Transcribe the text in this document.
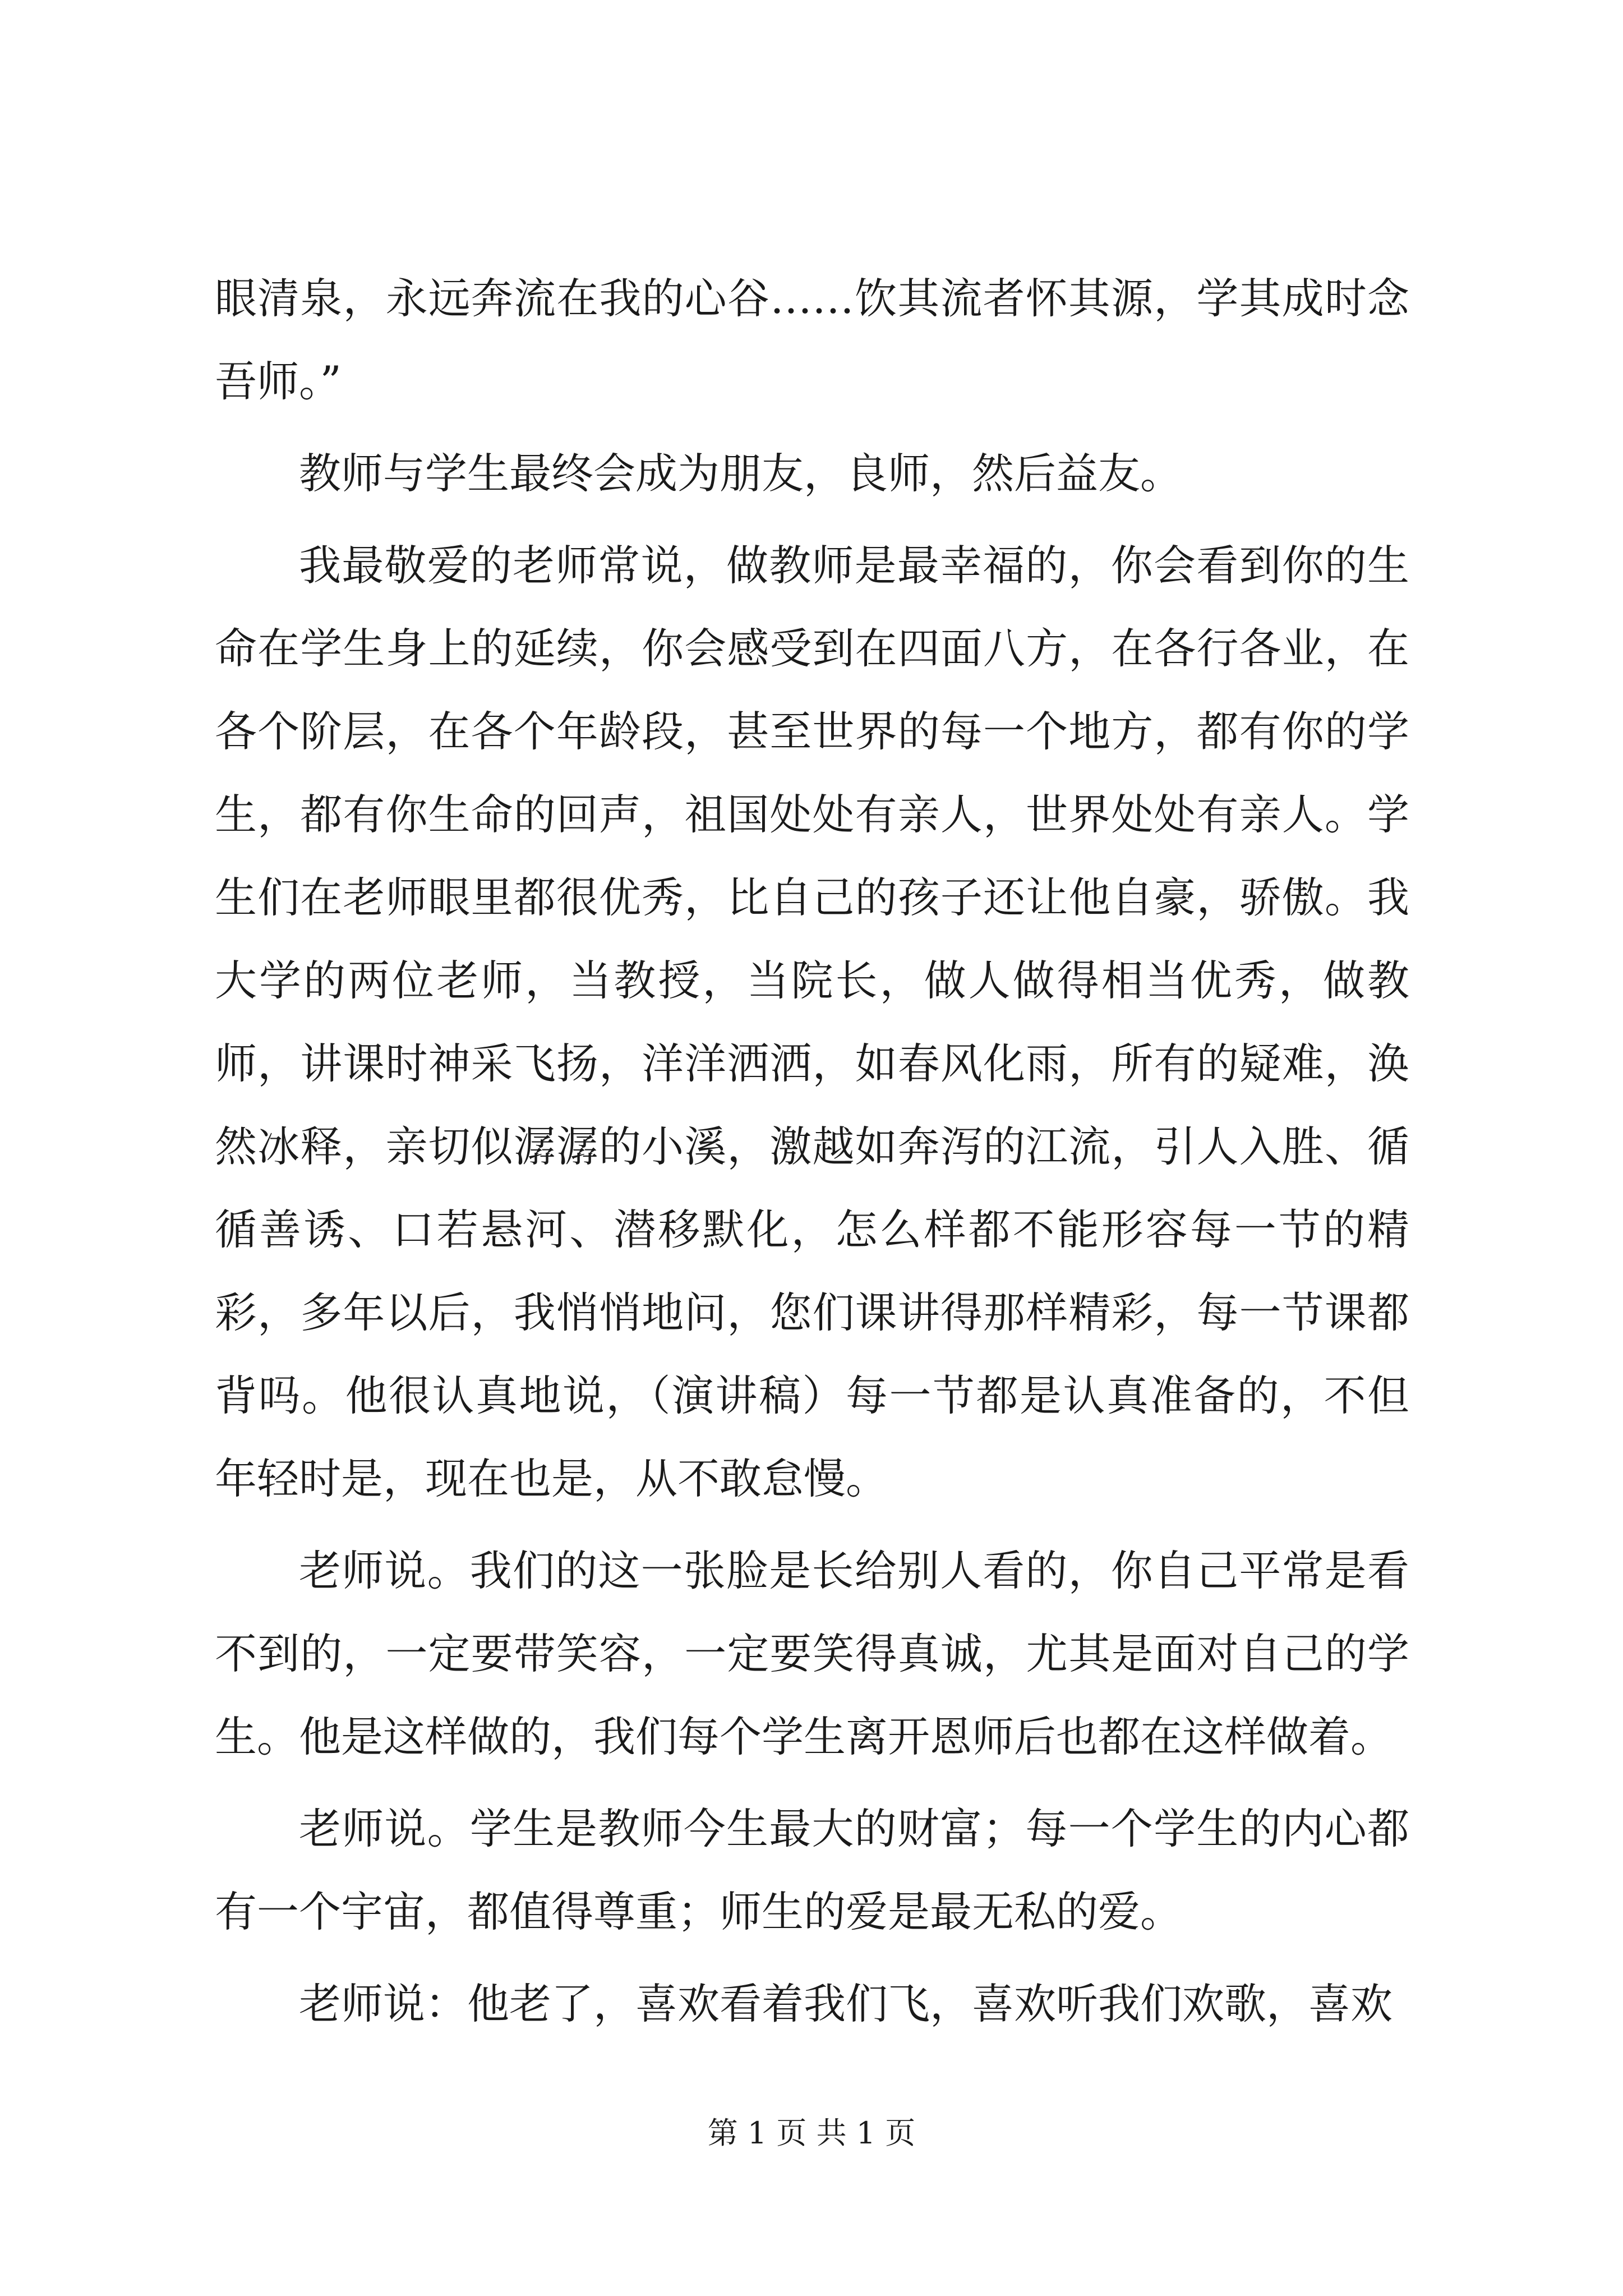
眼清泉，永远奔流在我的心谷……饮其流者怀其源，学其成时念吾师。”

教师与学生最终会成为朋友，良师，然后益友。

我最敬爱的老师常说，做教师是最幸福的，你会看到你的生命在学生身上的延续，你会感受到在四面八方，在各行各业，在各个阶层，在各个年龄段，甚至世界的每一个地方，都有你的学生，都有你生命的回声，祖国处处有亲人，世界处处有亲人。学生们在老师眼里都很优秀，比自己的孩子还让他自豪，骄傲。我大学的两位老师，当教授，当院长，做人做得相当优秀，做教师，讲课时神采飞扬，洋洋洒洒，如春风化雨，所有的疑难，涣然冰释，亲切似潺潺的小溪，激越如奔泻的江流，引人入胜、循循善诱、口若悬河、潜移默化，怎么样都不能形容每一节的精彩，多年以后，我悄悄地问，您们课讲得那样精彩，每一节课都背吗。他很认真地说，（演讲稿）每一节都是认真准备的，不但年轻时是，现在也是，从不敢怠慢。

老师说。我们的这一张脸是长给别人看的，你自己平常是看不到的，一定要带笑容，一定要笑得真诚，尤其是面对自己的学生。他是这样做的，我们每个学生离开恩师后也都在这样做着。

老师说。学生是教师今生最大的财富；每一个学生的内心都有一个宇宙，都值得尊重；师生的爱是最无私的爱。

老师说：他老了，喜欢看着我们飞，喜欢听我们欢歌，喜欢

第 1 页 共 1 页
